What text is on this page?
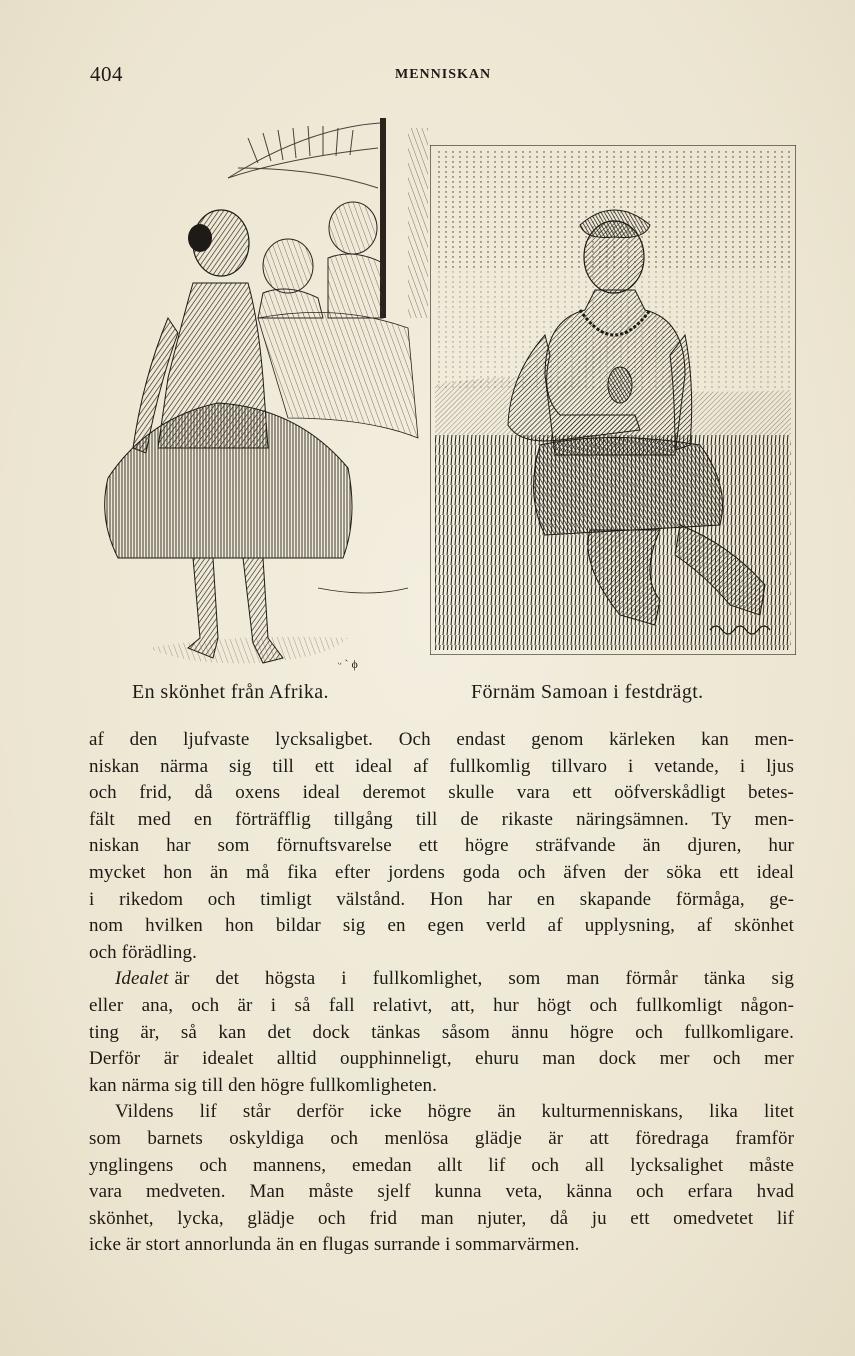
404	MENNISKAN
ᵕ ˋ ϕ
En skönhet från Afrika.	Förnäm Samoan i festdrägt.
af den ljufvaste lycksaligbet. Och endast genom kärleken kan men-
niskan närma sig till ett ideal af fullkomlig tillvaro i vetande, i ljus
och frid, då oxens ideal deremot skulle vara ett oöfverskådligt betes-
fält med en förträfflig tillgång till de rikaste näringsämnen. Ty men-
niskan har som förnuftsvarelse ett högre sträfvande än djuren, hur
mycket hon än må fika efter jordens goda och äfven der söka ett ideal
i rikedom och timligt välstånd. Hon har en skapande förmåga, ge-
nom hvilken hon bildar sig en egen verld af upplysning, af skönhet
och förädling.
Idealet är det högsta i fullkomlighet, som man förmår tänka sig
eller ana, och är i så fall relativt, att, hur högt och fullkomligt någon-
ting är, så kan det dock tänkas såsom ännu högre och fullkomligare.
Derför är idealet alltid oupphinneligt, ehuru man dock mer och mer
kan närma sig till den högre fullkomligheten.
Vildens lif står derför icke högre än kulturmenniskans, lika litet
som barnets oskyldiga och menlösa glädje är att föredraga framför
ynglingens och mannens, emedan allt lif och all lycksalighet måste
vara medveten. Man måste sjelf kunna veta, känna och erfara hvad
skönhet, lycka, glädje och frid man njuter, då ju ett omedvetet lif
icke är stort annorlunda än en flugas surrande i sommarvärmen.
